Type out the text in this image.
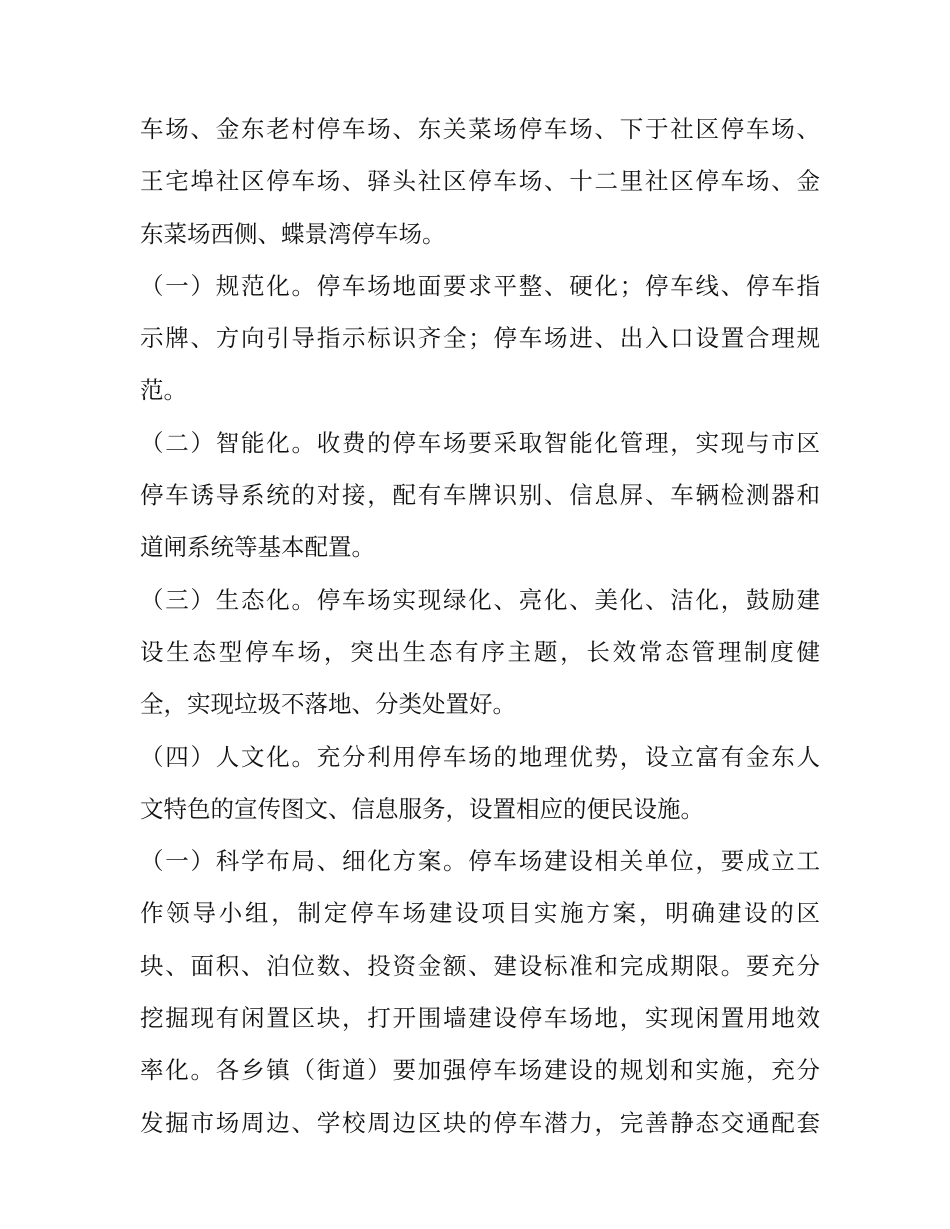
车场、金东老村停车场、东关菜场停车场、下于社区停车场、
王宅埠社区停车场、驿头社区停车场、十二里社区停车场、金
东菜场西侧、蝶景湾停车场。
（一）规范化。停车场地面要求平整、硬化；停车线、停车指
示牌、方向引导指示标识齐全；停车场进、出入口设置合理规
范。
（二）智能化。收费的停车场要采取智能化管理，实现与市区
停车诱导系统的对接，配有车牌识别、信息屏、车辆检测器和
道闸系统等基本配置。
（三）生态化。停车场实现绿化、亮化、美化、洁化，鼓励建
设生态型停车场，突出生态有序主题，长效常态管理制度健
全，实现垃圾不落地、分类处置好。
（四）人文化。充分利用停车场的地理优势，设立富有金东人
文特色的宣传图文、信息服务，设置相应的便民设施。
（一）科学布局、细化方案。停车场建设相关单位，要成立工
作领导小组，制定停车场建设项目实施方案，明确建设的区
块、面积、泊位数、投资金额、建设标准和完成期限。要充分
挖掘现有闲置区块，打开围墙建设停车场地，实现闲置用地效
率化。各乡镇（街道）要加强停车场建设的规划和实施，充分
发掘市场周边、学校周边区块的停车潜力，完善静态交通配套
